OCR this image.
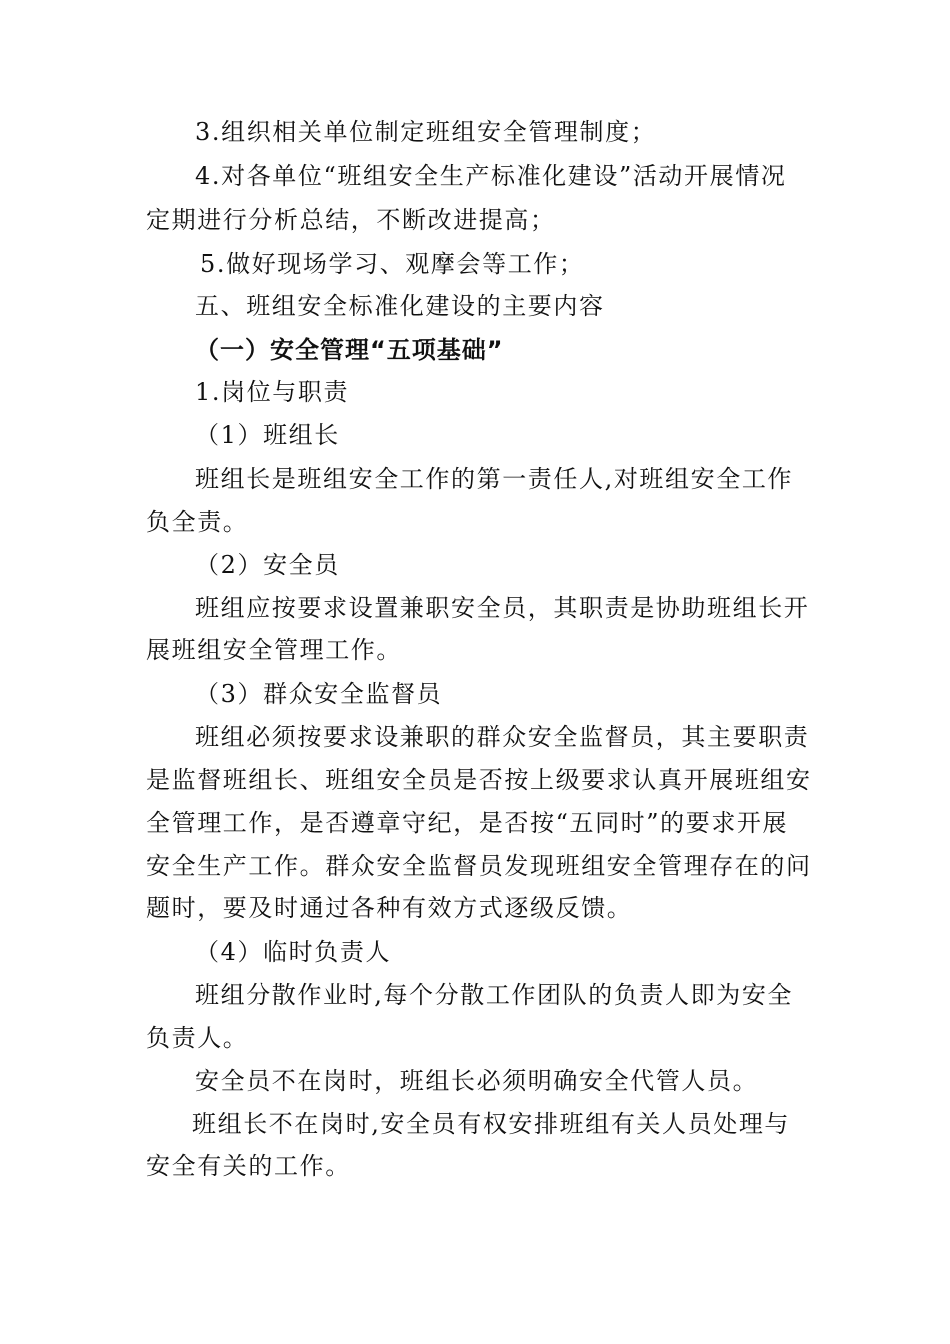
3.组织相关单位制定班组安全管理制度；
4.对各单位“班组安全生产标准化建设”活动开展情况
定期进行分析总结，不断改进提高；
5.做好现场学习、观摩会等工作；
五、班组安全标准化建设的主要内容
（一）安全管理“五项基础”
1.岗位与职责
（1）班组长
班组长是班组安全工作的第一责任人,对班组安全工作
负全责。
（2）安全员
班组应按要求设置兼职安全员，其职责是协助班组长开
展班组安全管理工作。
（3）群众安全监督员
班组必须按要求设兼职的群众安全监督员，其主要职责
是监督班组长、班组安全员是否按上级要求认真开展班组安
全管理工作，是否遵章守纪，是否按“五同时”的要求开展
安全生产工作。群众安全监督员发现班组安全管理存在的问
题时，要及时通过各种有效方式逐级反馈。
（4）临时负责人
班组分散作业时,每个分散工作团队的负责人即为安全
负责人。
安全员不在岗时，班组长必须明确安全代管人员。
班组长不在岗时,安全员有权安排班组有关人员处理与
安全有关的工作。
